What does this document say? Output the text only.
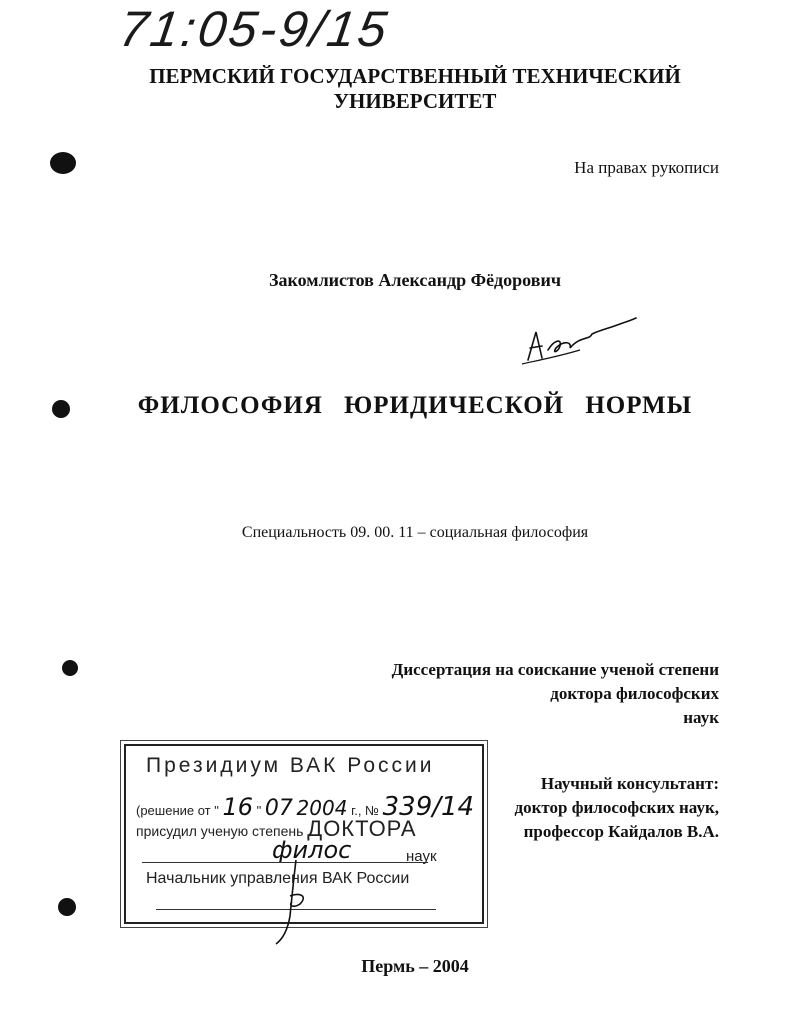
71:05-9/15
ПЕРМСКИЙ ГОСУДАРСТВЕННЫЙ ТЕХНИЧЕСКИЙ
УНИВЕРСИТЕТ
На правах рукописи
Закомлистов Александр Фёдорович
ФИЛОСОФИЯ ЮРИДИЧЕСКОЙ НОРМЫ
Специальность 09. 00. 11 – социальная философия
Диссертация на соискание ученой степени
доктора философских
наук
Научный консультант:
доктор философских наук,
профессор Кайдалов В.А.
Президиум ВАК России
(решение от " 16 " 07 2004 г., № 339/14
присудил ученую степень ДОКТОРА
филос	наук
Начальник управления ВАК России
Пермь – 2004
